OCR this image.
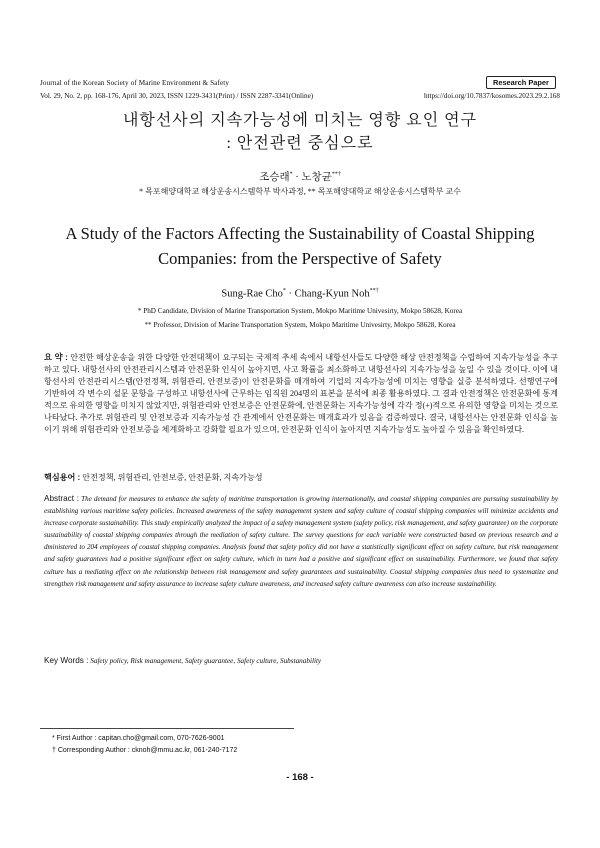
Journal of the Korean Society of Marine Environment & Safety	Research Paper
Vol. 29, No. 2, pp. 168-176, April 30, 2023, ISSN 1229-3431(Print) / ISSN 2287-3341(Online)	https://doi.org/10.7837/kosomes.2023.29.2.168
내항선사의 지속가능성에 미치는 영향 요인 연구
: 안전관련 중심으로
조승래* · 노창균**†
* 목포해양대학교 해상운송시스템학부 박사과정, ** 목포해양대학교 해상운송시스템학부 교수
A Study of the Factors Affecting the Sustainability of Coastal Shipping
Companies: from the Perspective of Safety
Sung-Rae Cho* · Chang-Kyun Noh**†
* PhD Candidate, Division of Marine Transportation System, Mokpo Maritime Univesirty, Mokpo 58628, Korea
** Professor, Division of Marine Transportation System, Mokpo Maritime Univesirty, Mokpo 58628, Korea
요 약 : 안전한 해상운송을 위한 다양한 안전대책이 요구되는 국제적 추세 속에서 내항선사들도 다양한 해상 안전정책을 수립하여 지속가능성을 추구하고 있다. 내항선사의 안전관리시스템과 안전문화 인식이 높아지면, 사고 확률을 최소화하고 내항선사의 지속가능성을 높일 수 있을 것이다. 이에 내항선사의 안전관리시스템(안전정책, 위험관리, 안전보증)이 안전문화를 매개하여 기업의 지속가능성에 미치는 영향을 실증 분석하였다. 선행연구에 기반하여 각 변수의 설문 문항을 구성하고 내항선사에 근무하는 임직원 204명의 표본을 분석에 최종 활용하였다. 그 결과 안전정책은 안전문화에 통계적으로 유의한 영향을 미치지 않았지만, 위험관리와 안전보증은 안전문화에, 안전문화는 지속가능성에 각각 정(+)적으로 유의한 영향을 미치는 것으로 나타났다. 추가로 위험관리 및 안전보증과 지속가능성 간 관계에서 안전문화는 매개효과가 있음을 검증하였다. 결국, 내항선사는 안전문화 인식을 높이기 위해 위험관리와 안전보증을 체계화하고 강화할 필요가 있으며, 안전문화 인식이 높아지면 지속가능성도 높아질 수 있음을 확인하였다.
핵심용어 : 안전정책, 위험관리, 안전보증, 안전문화, 지속가능성
Abstract : The demand for measures to enhance the safety of maritime transportation is growing internationally, and coastal shipping companies are pursuing sustainability by establishing various maritime safety policies. Increased awareness of the safety management system and safety culture of coastal shipping companies will minimize accidents and increase corporate sustainability. This study empirically analyzed the impact of a safety management system (safety policy, risk management, and safety guarantee) on the corporate sustainability of coastal shipping companies through the mediation of safety culture. The survey questions for each variable were constructed based on previous research and a dministered to 204 employees of coastal shipping companies. Analysis found that safety policy did not have a statistically significant effect on safety culture, but risk management and safety guarantees had a positive significant effect on safety culture, which in turn had a positive and significant effect on sustainability. Furthermore, we found that safety culture has a mediating effect on the relationship between risk management and safety guarantees and sustainability. Coastal shipping companies thus need to systematize and strengthen risk management and safety assurance to increase safety culture awareness, and increased safety culture awareness can also increase sustainability.
Key Words : Safety policy, Risk management, Safety guarantee, Safety culture, Substanability
* First Author : capitan.cho@gmail.com, 070-7626-9001
† Corresponding Author : cknoh@mmu.ac.kr, 061-240-7172
- 168 -
